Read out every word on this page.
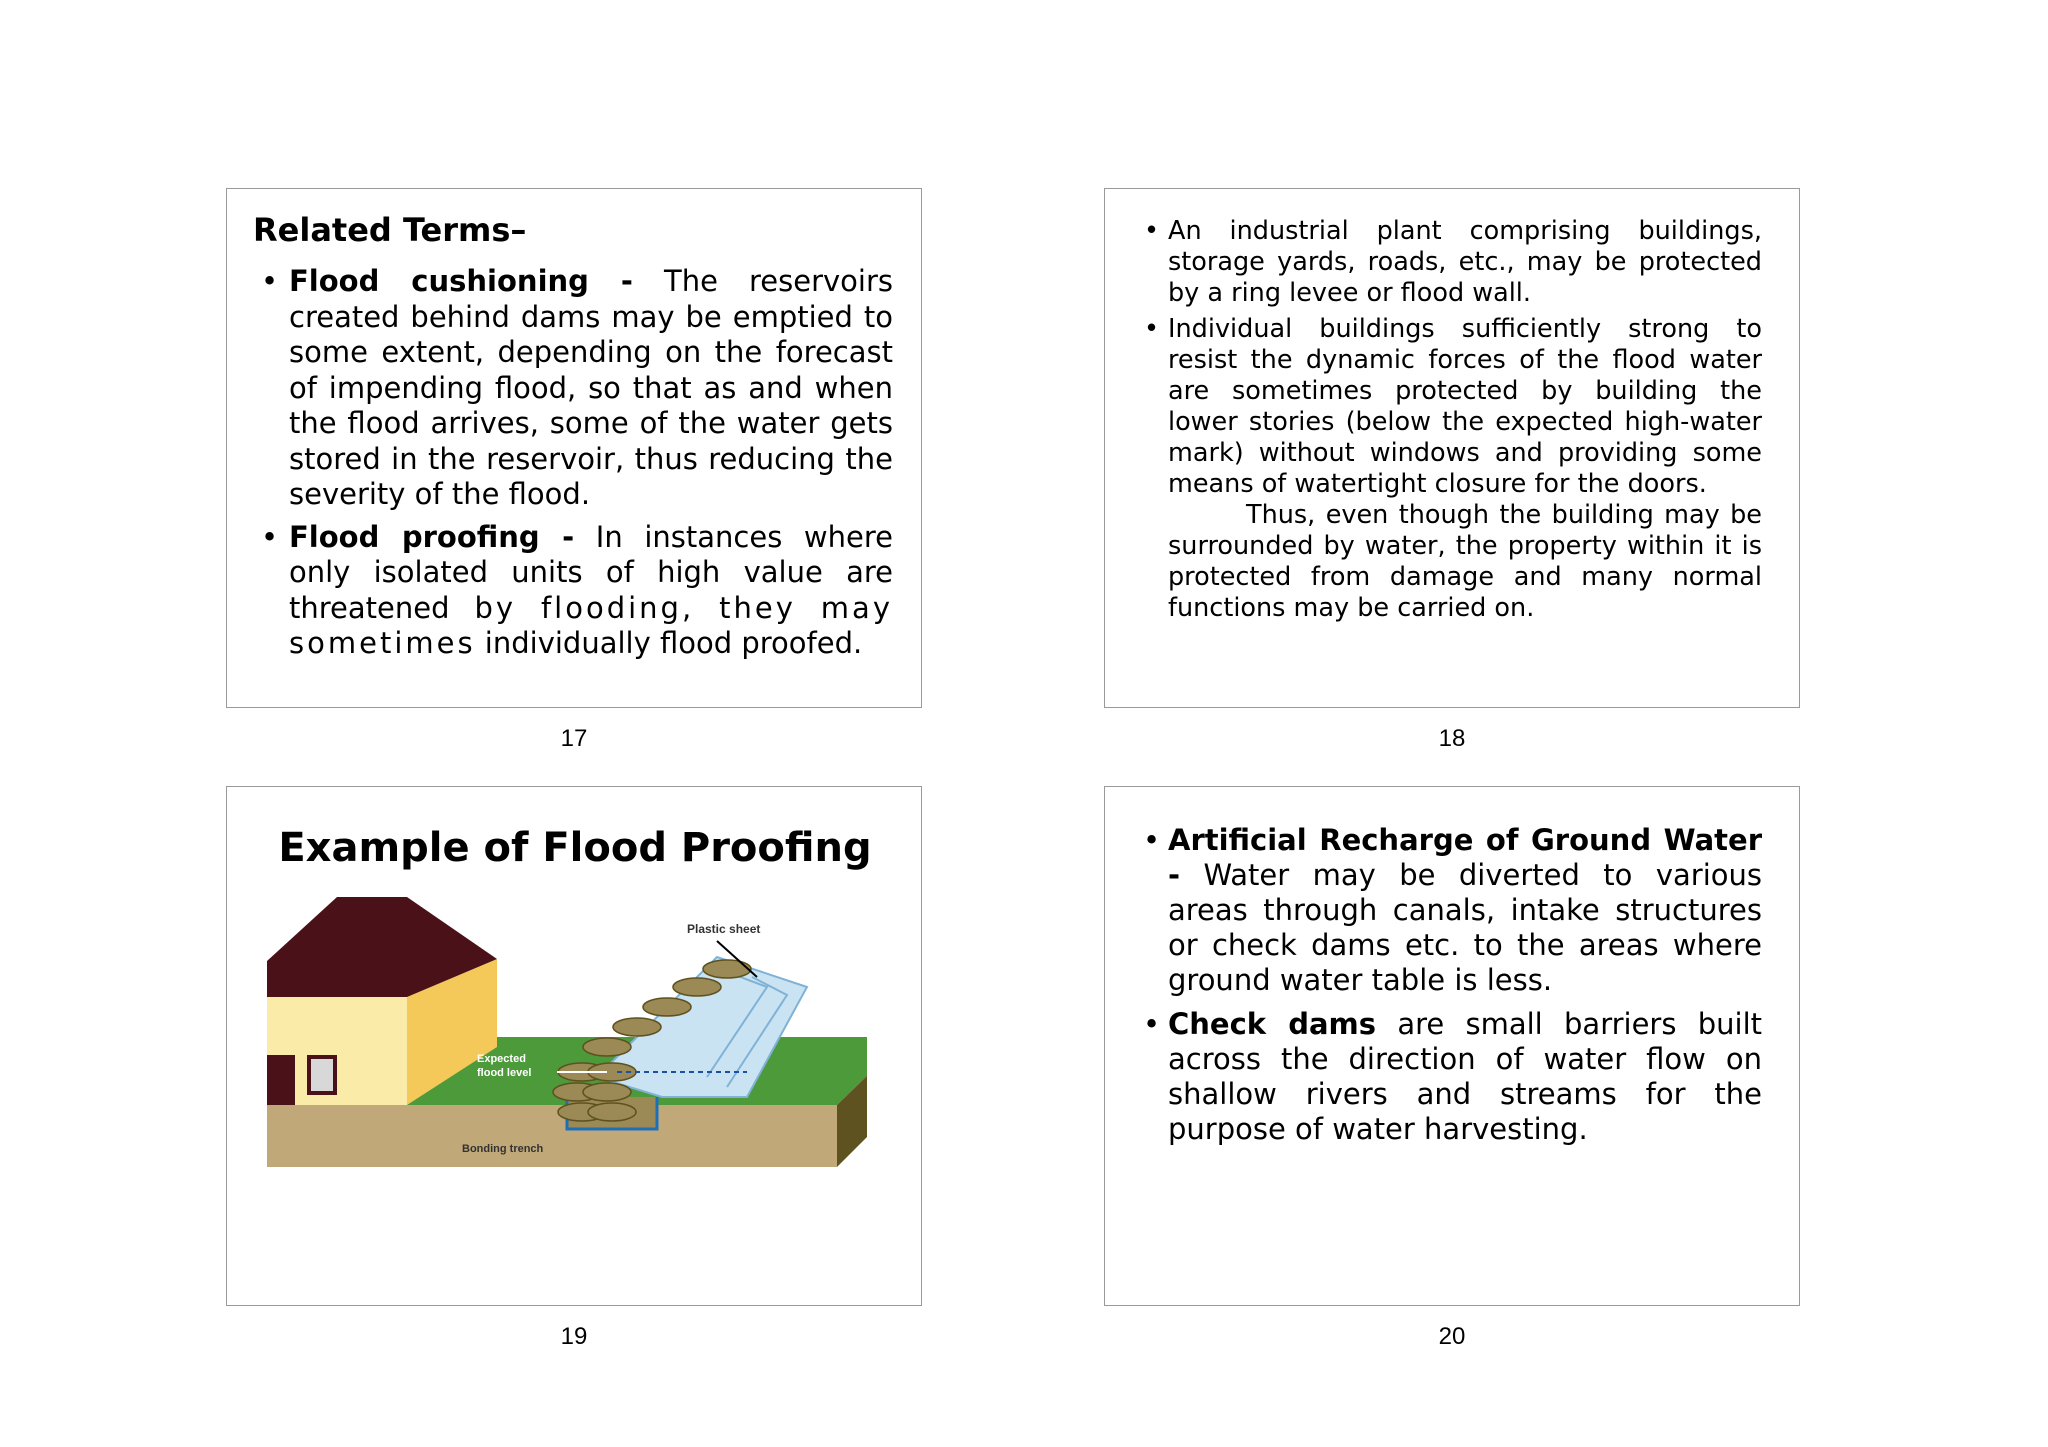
Related Terms–
• Flood cushioning - The reservoirs created behind dams may be emptied to some extent, depending on the forecast of impending flood, so that as and when the flood arrives, some of the water gets stored in the reservoir, thus reducing the severity of the flood.
• Flood proofing - In instances where only isolated units of high value are threatened by flooding, they may sometimes individually flood proofed.
17
• An industrial plant comprising buildings, storage yards, roads, etc., may be protected by a ring levee or flood wall.
• Individual buildings sufficiently strong to resist the dynamic forces of the flood water are sometimes protected by building the lower stories (below the expected high-water mark) without windows and providing some means of watertight closure for the doors.
Thus, even though the building may be surrounded by water, the property within it is protected from damage and many normal functions may be carried on.
18
Example of Flood Proofing
Plastic sheet
Expected
flood level
Bonding trench
19
• Artificial Recharge of Ground Water - Water may be diverted to various areas through canals, intake structures or check dams etc. to the areas where ground water table is less.
• Check dams are small barriers built across the direction of water flow on shallow rivers and streams for the purpose of water harvesting.
20
